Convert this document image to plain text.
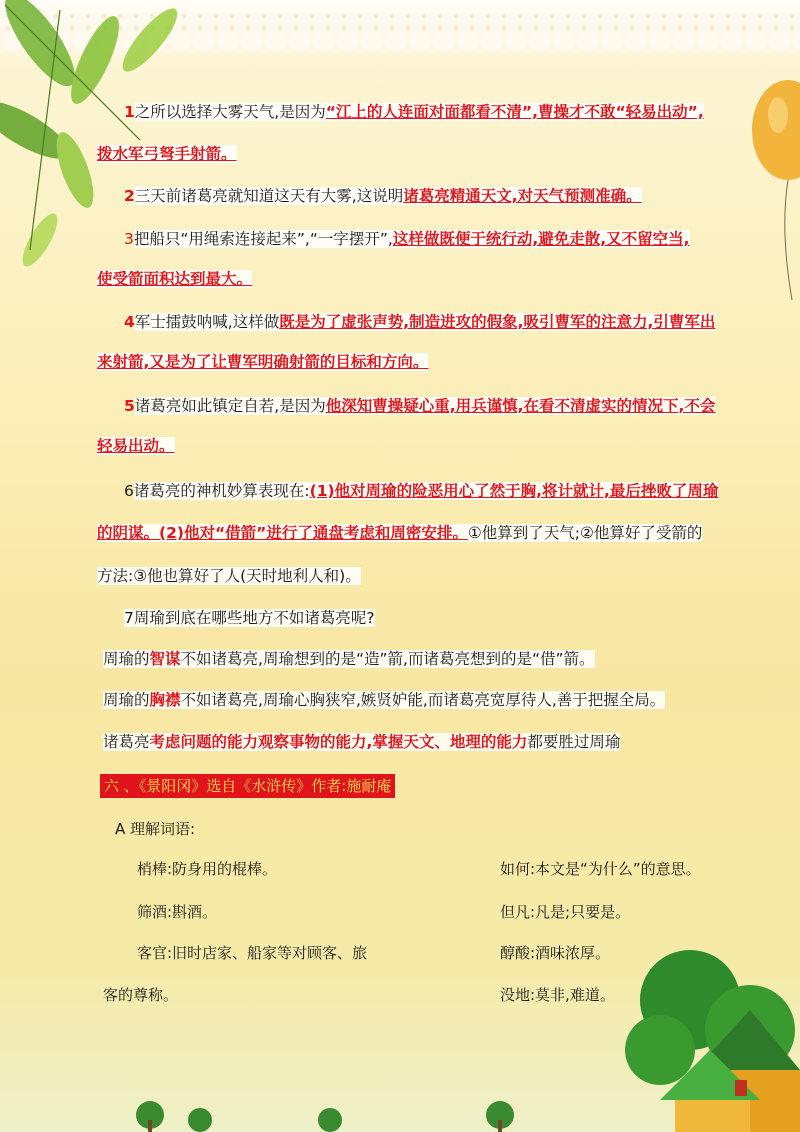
1之所以选择大雾天气,是因为“江上的人连面对面都看不清”,曹操才不敢“轻易出动”,
拨水军弓弩手射箭。
2三天前诸葛亮就知道这天有大雾,这说明诸葛亮精通天文,对天气预测准确。
3把船只“用绳索连接起来”,“一字摆开”,这样做既便于统行动,避免走散,又不留空当,
使受箭面积达到最大。
4军士擂鼓呐喊,这样做既是为了虚张声势,制造进攻的假象,吸引曹军的注意力,引曹军出
来射箭,又是为了让曹军明确射箭的目标和方向。
5诸葛亮如此镇定自若,是因为他深知曹操疑心重,用兵谨慎,在看不清虚实的情况下,不会
轻易出动。
6诸葛亮的神机妙算表现在:(1)他对周瑜的险恶用心了然于胸,将计就计,最后挫败了周瑜
的阴谋。(2)他对“借箭”进行了通盘考虑和周密安排。①他算到了天气;②他算好了受箭的
方法:③他也算好了人(天时地利人和)。
7周瑜到底在哪些地方不如诸葛亮呢?
周瑜的智谋不如诸葛亮,周瑜想到的是“造”箭,而诸葛亮想到的是“借”箭。
周瑜的胸襟不如诸葛亮,周瑜心胸狭窄,嫉贤妒能,而诸葛亮宽厚待人,善于把握全局。
诸葛亮考虑问题的能力观察事物的能力,掌握天文、地理的能力都要胜过周瑜
六 、《景阳冈》选自《水浒传》作者:施耐庵
A 理解词语:
梢棒:防身用的棍棒。
筛酒:斟酒。
客官:旧时店家、船家等对顾客、旅
客的尊称。
如何:本文是“为什么”的意思。
但凡:凡是;只要是。
醇酸:酒味浓厚。
没地:莫非,难道。
